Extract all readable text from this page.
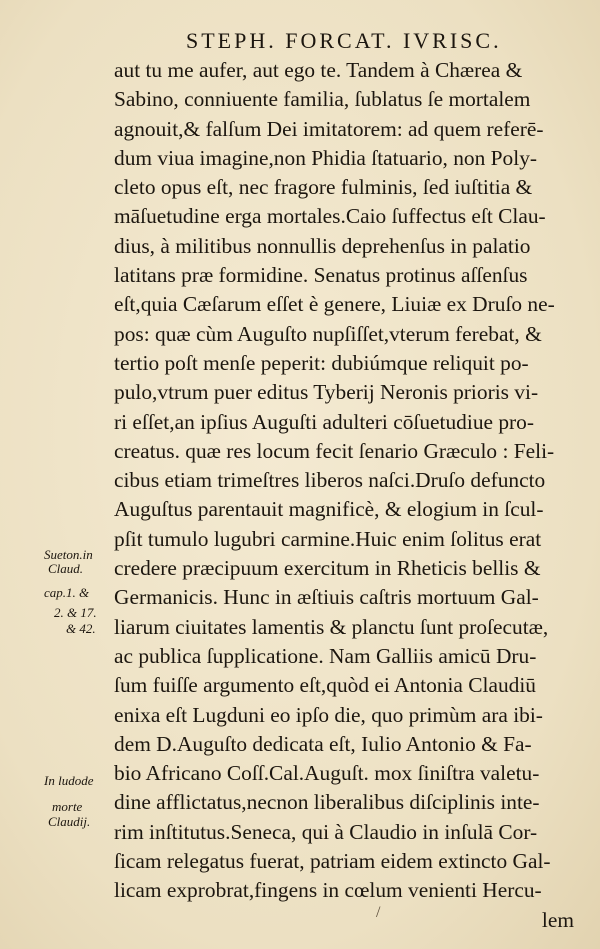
STEPH. FORCAT. IVRISC.
aut tu me aufer, aut ego te. Tandem à Chærea &
Sabino, conniuente familia, ſublatus ſe mortalem
agnouit,& falſum Dei imitatorem: ad quem referē-
dum viua imagine,non Phidia ſtatuario, non Poly-
cleto opus eſt, nec fragore fulminis, ſed iuſtitia &
māſuetudine erga mortales.Caio ſuffectus eſt Clau-
dius, à militibus nonnullis deprehenſus in palatio
latitans præ formidine. Senatus protinus aſſenſus
eſt,quia Cæſarum eſſet è genere, Liuiæ ex Druſo ne-
pos: quæ cùm Auguſto nupſiſſet,vterum ferebat, &
tertio poſt menſe peperit: dubiúmque reliquit po-
pulo,vtrum puer editus Tyberij Neronis prioris vi-
ri eſſet,an ipſius Auguſti adulteri cōſuetudiue pro-
creatus. quæ res locum fecit ſenario Græculo : Feli-
cibus etiam trimeſtres liberos naſci.Druſo defuncto
Auguſtus parentauit magnificè, & elogium in ſcul-
pſit tumulo lugubri carmine.Huic enim ſolitus erat
credere præcipuum exercitum in Rheticis bellis &
Germanicis. Hunc in æſtiuis caſtris mortuum Gal-
liarum ciuitates lamentis & planctu ſunt proſecutæ,
ac publica ſupplicatione. Nam Galliis amicū Dru-
ſum fuiſſe argumento eſt,quòd ei Antonia Claudiū
enixa eſt Lugduni eo ipſo die, quo primùm ara ibi-
dem D.Auguſto dedicata eſt, Iulio Antonio & Fa-
bio Africano Coſſ.Cal.Auguſt. mox ſiniſtra valetu-
dine afflictatus,necnon liberalibus diſciplinis inte-
rim inſtitutus.Seneca, qui à Claudio in inſulā Cor-
ſicam relegatus fuerat, patriam eidem extincto Gal-
licam exprobrat,fingens in cœlum venienti Hercu-
lem
Sueton.in
Claud.
cap.1. &
2. & 17.
& 42.
In ludode
morte
Claudij.
/
